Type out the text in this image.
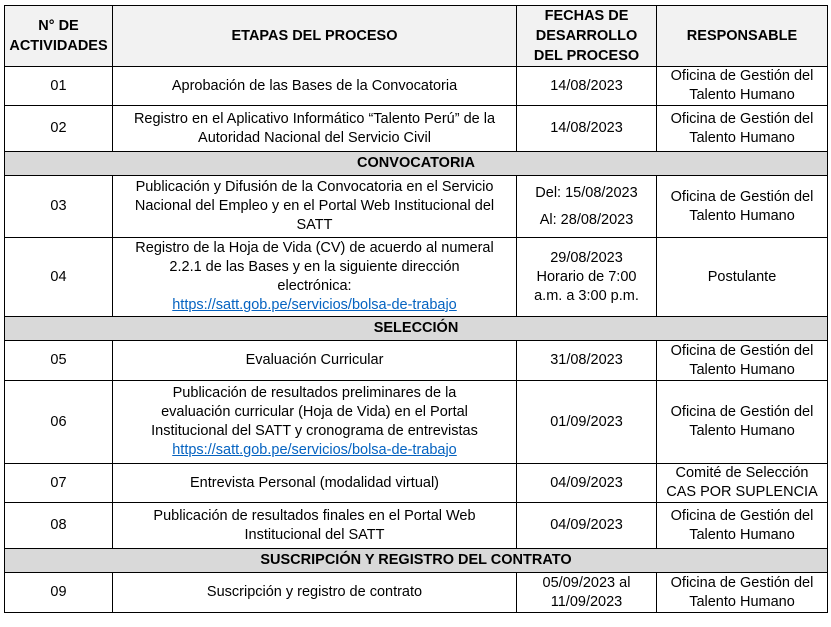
N° DE
ACTIVIDADES	ETAPAS DEL PROCESO	FECHAS DE
DESARROLLO
DEL PROCESO	RESPONSABLE
01	Aprobación de las Bases de la Convocatoria	14/08/2023	Oficina de Gestión del
Talento Humano
02	Registro en el Aplicativo Informático “Talento Perú” de la
Autoridad Nacional del Servicio Civil	14/08/2023	Oficina de Gestión del
Talento Humano
CONVOCATORIA			
03	Publicación y Difusión de la Convocatoria en el Servicio
Nacional del Empleo y en el Portal Web Institucional del
SATT	Del: 15/08/2023
Al: 28/08/2023	Oficina de Gestión del
Talento Humano
04	Registro de la Hoja de Vida (CV) de acuerdo al numeral
2.2.1 de las Bases y en la siguiente dirección
electrónica:
https://satt.gob.pe/servicios/bolsa-de-trabajo	29/08/2023
Horario de 7:00
a.m. a 3:00 p.m.	Postulante
SELECCIÓN			
05	Evaluación Curricular	31/08/2023	Oficina de Gestión del
Talento Humano
06	Publicación de resultados preliminares de la
evaluación curricular (Hoja de Vida) en el Portal
Institucional del SATT y cronograma de entrevistas
https://satt.gob.pe/servicios/bolsa-de-trabajo	01/09/2023	Oficina de Gestión del
Talento Humano
07	Entrevista Personal (modalidad virtual)	04/09/2023	Comité de Selección
CAS POR SUPLENCIA
08	Publicación de resultados finales en el Portal Web
Institucional del SATT	04/09/2023	Oficina de Gestión del
Talento Humano
SUSCRIPCIÓN Y REGISTRO DEL CONTRATO			
09	Suscripción y registro de contrato	05/09/2023 al
11/09/2023	Oficina de Gestión del
Talento Humano
